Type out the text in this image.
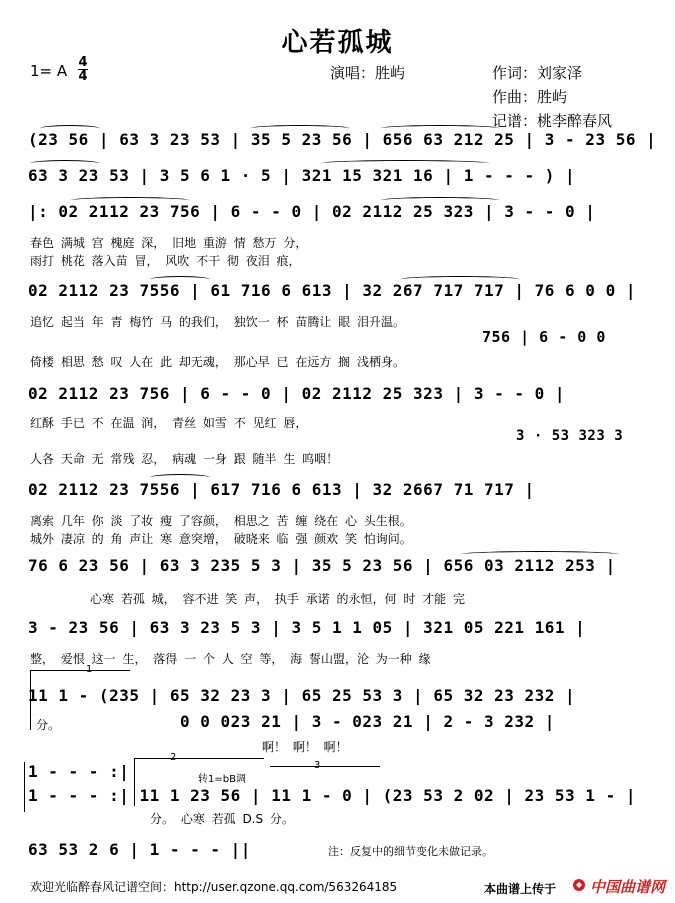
心若孤城
1= A 4
4	演唱：胜屿	作词：刘家泽
作曲：胜屿
记谱：桃李醉春风
(23 56 | 63 3 23 53 | 35 5 23 56 | 656 63 212 25 | 3 - 23 56 |
63 3 23 53 | 3 5 6 1 · 5 | 321 15 321 16 | 1 - - - ) |
|: 02 2112 23 756 | 6 - - 0 | 02 2112 25 323 | 3 - - 0 |
春色 满城 宫 槐庭 深， 旧地 重游 情 愁万 分，
雨打 桃花 落入苗 冒， 风吹 不干 彻 夜泪 痕，
02 2112 23 7556 | 61 716 6 613 | 32 267 717 717 | 76 6 0 0 |
追忆 起当 年 青 梅竹 马 的我们， 独饮一 杯 苗腾让 眼 泪升温。
756 | 6 - 0 0
倚楼 相思 愁 叹 人在 此 却无魂， 那心早 已 在远方 搁 浅栖身。
02 2112 23 756 | 6 - - 0 | 02 2112 25 323 | 3 - - 0 |
红酥 手已 不 在温 润， 青丝 如雪 不 见红 唇，
3 · 53 323 3
人各 天命 无 常残 忍， 病魂 一身 跟 随半 生 呜咽！
02 2112 23 7556 | 617 716 6 613 | 32 2667 71 717 |
离索 几年 你 淡 了妆 瘦 了容颜， 相思之 苦 缠 绕在 心 头生根。
城外 凄凉 的 角 声让 寒 意突增， 破晓来 临 强 颜欢 笑 怕询问。
76 6 23 56 | 63 3 235 5 3 | 35 5 23 56 | 656 03 2112 253 |
心寒 若孤 城， 容不进 笑 声， 执手 承诺 的永恒，何 时 才能 完
3 - 23 56 | 63 3 23 5 3 | 3 5 1 1 05 | 321 05 221 161 |
整， 爱恨 这一 生， 落得 一 个 人 空 等， 海 誓山盟，沦 为一种 缘
1
11 1 - (235 | 65 32 23 3 | 65 25 53 3 | 65 32 23 232 |
分。	0 0 023 21 | 3 - 023 21 | 2 - 3 232 |
啊！ 啊！ 啊！
2
3
转1=bB调
1 - - - :| 11 1 23 56 | 11 1 - 0 | (23 53 2 02 | 23 53 1 - |
1 - - - :|
分。 心寒 若孤 D.S 分。
63 53 2 6 | 1 - - - ||	注：反复中的细节变化未做记录。
欢迎光临醉春风记谱空间：http://user.qzone.qq.com/563264185	本曲谱上传于 中国曲谱网
